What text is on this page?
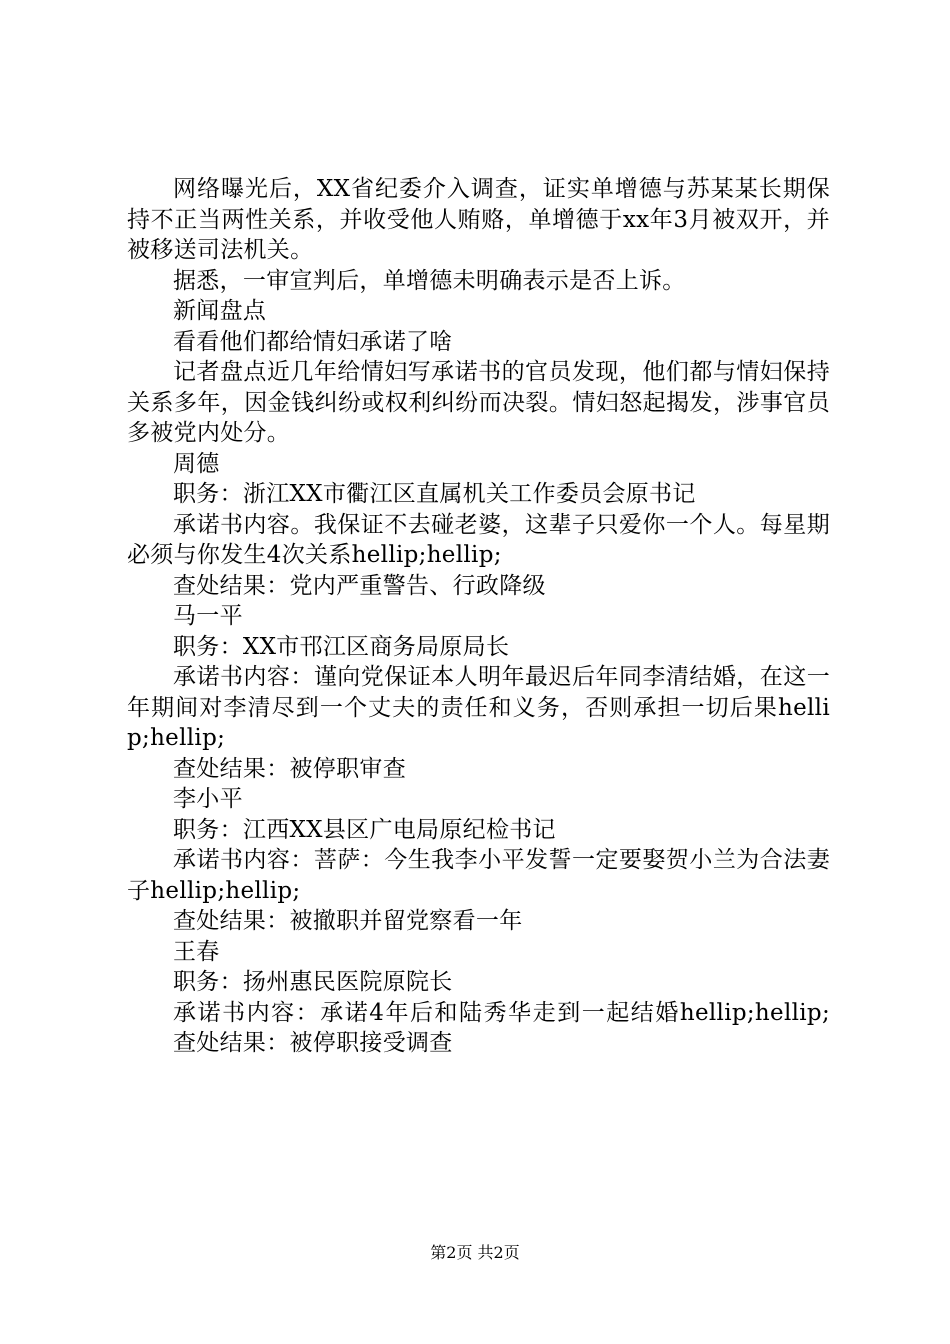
网络曝光后，XX省纪委介入调查，证实单增德与苏某某长期保持不正当两性关系，并收受他人贿赂，单增德于xx年3月被双开，并被移送司法机关。

据悉，一审宣判后，单增德未明确表示是否上诉。

新闻盘点

看看他们都给情妇承诺了啥

记者盘点近几年给情妇写承诺书的官员发现，他们都与情妇保持关系多年，因金钱纠纷或权利纠纷而决裂。情妇怒起揭发，涉事官员多被党内处分。

周德

职务：浙江XX市衢江区直属机关工作委员会原书记

承诺书内容。我保证不去碰老婆，这辈子只爱你一个人。每星期必须与你发生4次关系hellip;hellip;

查处结果：党内严重警告、行政降级

马一平

职务：XX市邗江区商务局原局长

承诺书内容：谨向党保证本人明年最迟后年同李清结婚，在这一年期间对李清尽到一个丈夫的责任和义务，否则承担一切后果hellip;hellip;

查处结果：被停职审查

李小平

职务：江西XX县区广电局原纪检书记

承诺书内容：菩萨：今生我李小平发誓一定要娶贺小兰为合法妻子hellip;hellip;

查处结果：被撤职并留党察看一年

王春

职务：扬州惠民医院原院长

承诺书内容：承诺4年后和陆秀华走到一起结婚hellip;hellip;

查处结果：被停职接受调查

第2页 共2页
